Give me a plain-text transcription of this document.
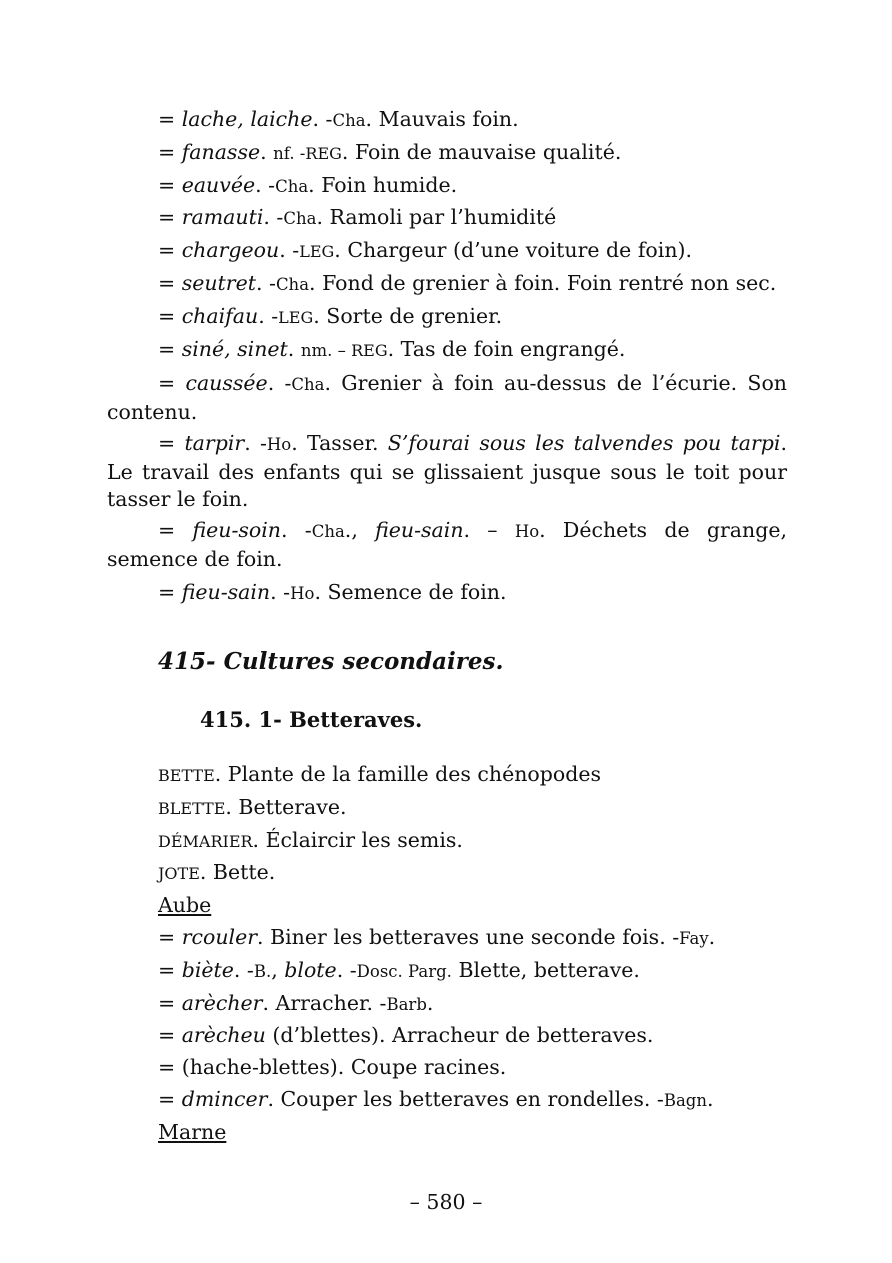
= lache, laiche. -Cha. Mauvais foin.

= fanasse. nf. -REG. Foin de mauvaise qualité.

= eauvée. -Cha. Foin humide.

= ramauti. -Cha. Ramoli par l’humidité

= chargeou. -LEG. Chargeur (d’une voiture de foin).

= seutret. -Cha. Fond de grenier à foin. Foin rentré non sec.

= chaifau. -LEG. Sorte de grenier.

= siné, sinet. nm. – REG. Tas de foin engrangé.

= caussée. -Cha. Grenier à foin au-dessus de l’écurie. Son contenu.

= tarpir. -Ho. Tasser. S’fourai sous les talvendes pou tarpi. Le travail des enfants qui se glissaient jusque sous le toit pour tasser le foin.

= fieu-soin. -Cha., fieu-sain. – Ho. Déchets de grange, semence de foin.

= fieu-sain. -Ho. Semence de foin.

415- Cultures secondaires.
415. 1- Betteraves.

BETTE. Plante de la famille des chénopodes

BLETTE. Betterave.

DÉMARIER. Éclaircir les semis.

JOTE. Bette.

Aube

= rcouler. Biner les betteraves une seconde fois. -Fay.

= biète. -B., blote. -Dosc. Parg. Blette, betterave.

= arècher. Arracher. -Barb.

= arècheu (d’blettes). Arracheur de betteraves.

= (hache-blettes). Coupe racines.

= dmincer. Couper les betteraves en rondelles. -Bagn.

Marne

– 580 –
